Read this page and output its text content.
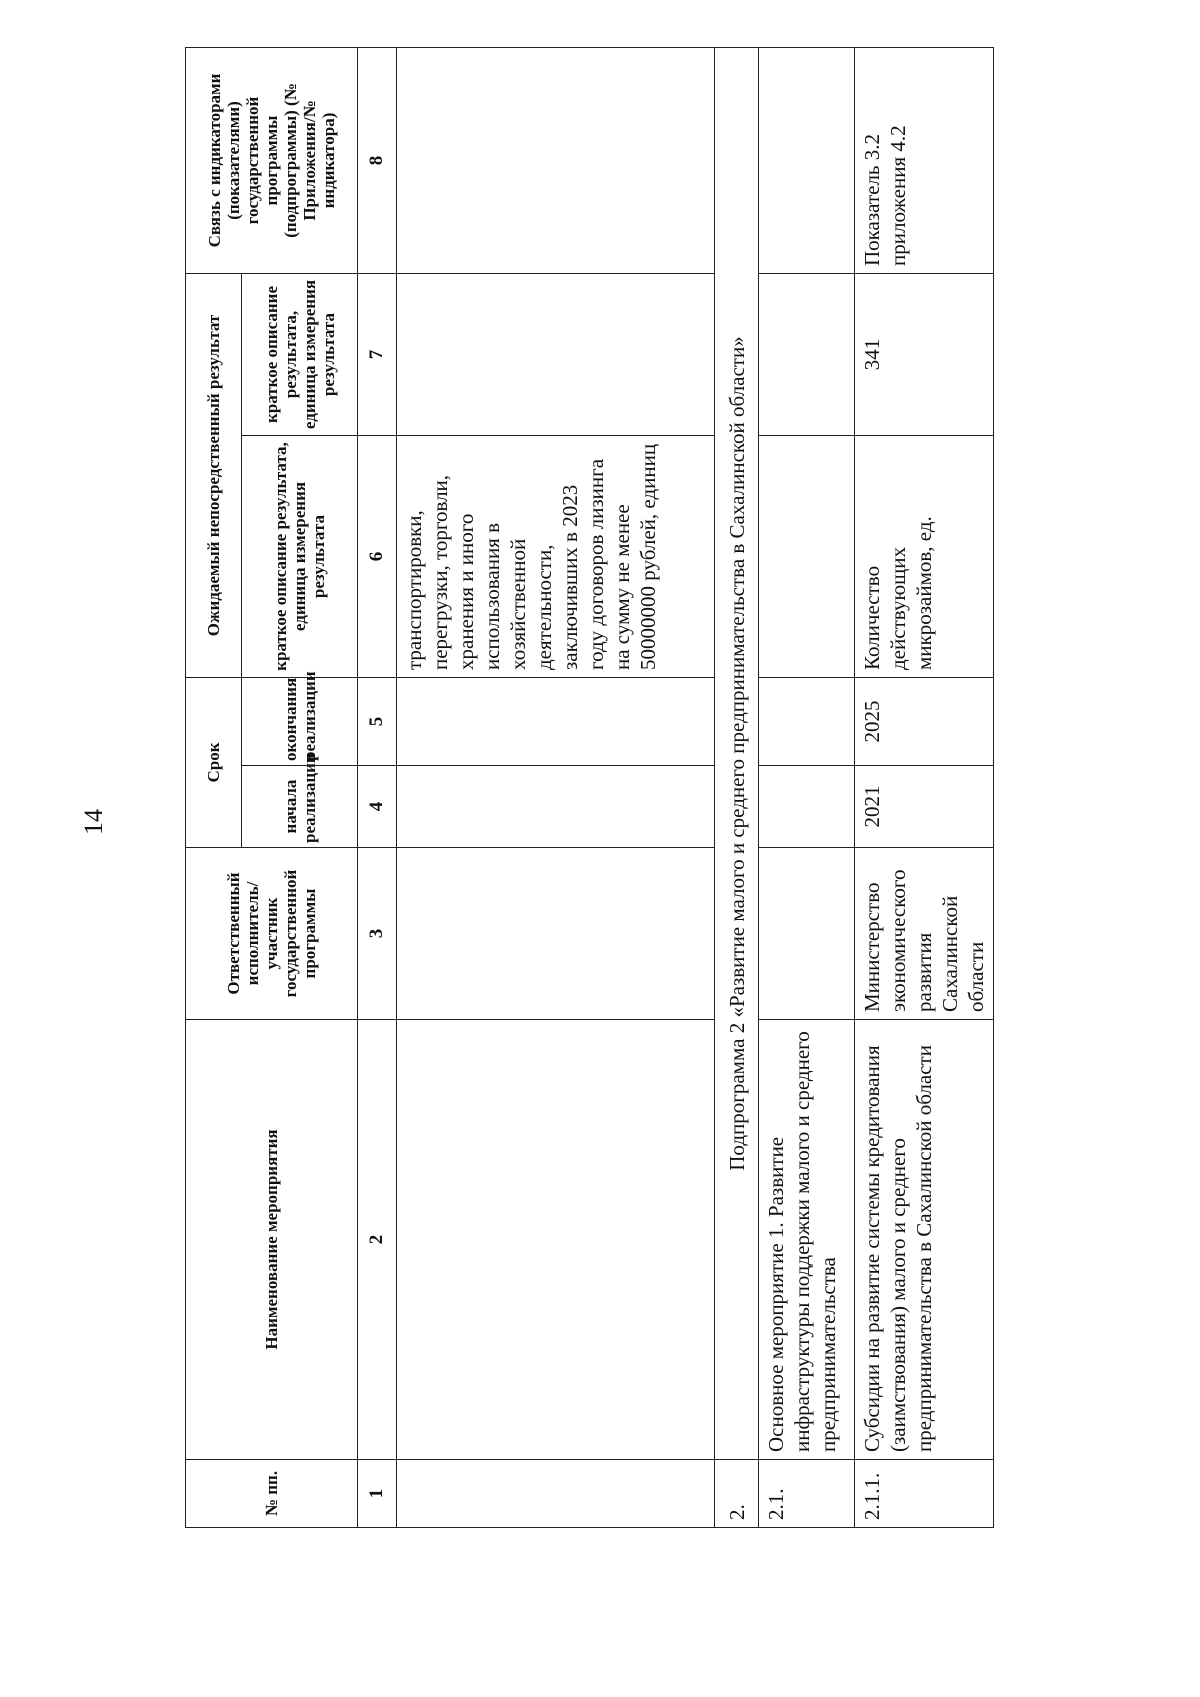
14
№ пп.	Наименование мероприятия	Ответственный исполнитель/участник государственной программы	Срок		Ожидаемый непосредственный результат		Связь с индикаторами (показателями) государственной программы (подпрограммы) (№ Приложения/№ индикатора)
			начала реализации	окончания реализации	краткое описание результата, единица измерения результата	краткое описание результата, единица измерения результата	
1	2	3	4	5	6	7	8
					транспортировки, перегрузки, торговли, хранения и иного использования в хозяйственной деятельности, заключивших в 2023 году договоров лизинга на сумму не менее 50000000 рублей, единиц		
2.	Подпрограмма 2 «Развитие малого и среднего предпринимательства в Сахалинской области»						
2.1.	Основное мероприятие 1. Развитие инфраструктуры поддержки малого и среднего предпринимательства						
2.1.1.	Субсидии на развитие системы кредитования (заимствования) малого и среднего предпринимательства в Сахалинской области	Министерство экономического развития Сахалинской области	2021	2025	Количество действующих микрозаймов, ед.	341	Показатель 3.2 приложения 4.2
